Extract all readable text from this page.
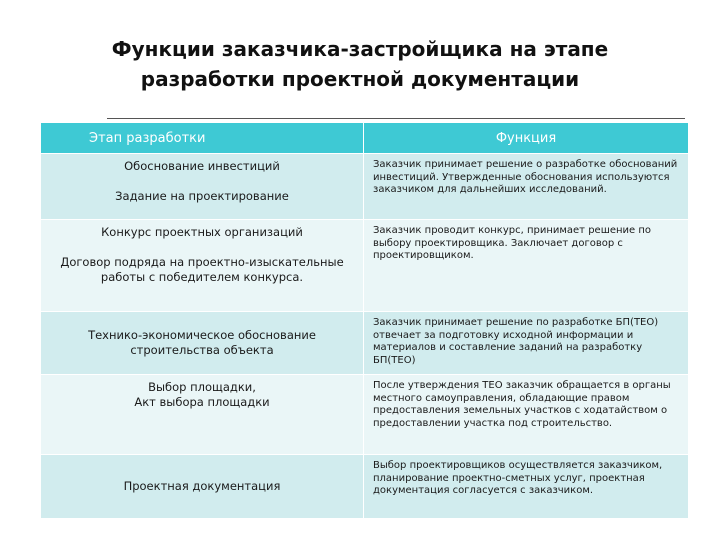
Функции заказчика-застройщика на этапе
разработки проектной документации
Этап разработки	Функция

Обоснование инвестиций
Задание на проектирование	Заказчик принимает решение о разработке обоснований инвестиций. Утвержденные обоснования используются заказчиком для дальнейших исследований.

Конкурс проектных организаций
Договор подряда на проектно-изыскательные работы с победителем конкурса.	Заказчик проводит конкурс, принимает решение по выбору проектировщика. Заключает договор с проектировщиком.
Технико-экономическое обоснование строительства объекта	Заказчик принимает решение по разработке БП(ТЕО) отвечает за подготовку исходной информации и материалов и составление заданий на разработку БП(ТЕО)

Выбор площадки,
Акт выбора площадки	После утверждения ТЕО заказчик обращается в органы местного самоуправления, обладающие правом предоставления земельных участков с ходатайством о предоставлении участка под строительство.
Проектная документация	Выбор проектировщиков осуществляется заказчиком, планирование проектно-сметных услуг, проектная документация согласуется с заказчиком.
